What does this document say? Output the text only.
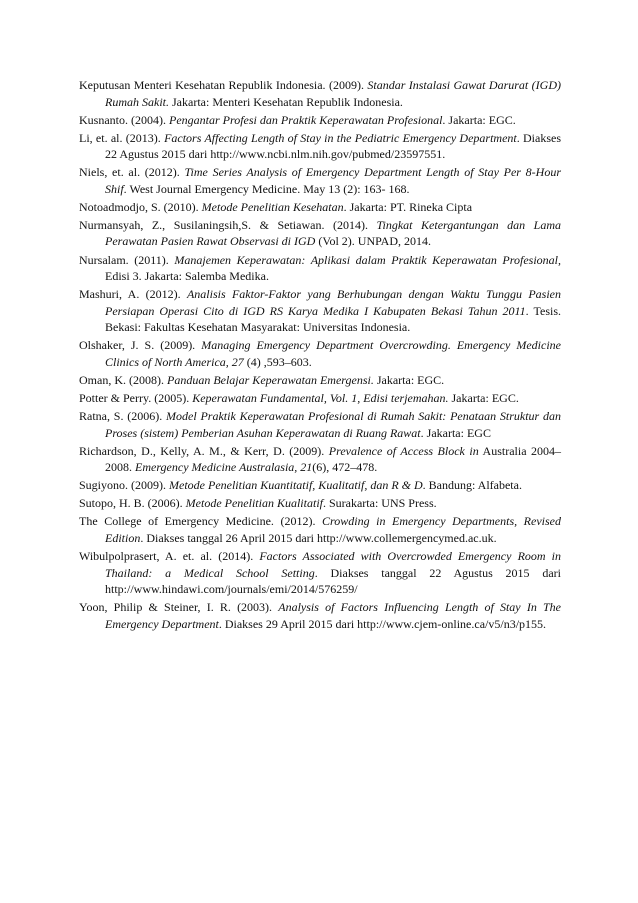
Keputusan Menteri Kesehatan Republik Indonesia. (2009). Standar Instalasi Gawat Darurat (IGD) Rumah Sakit. Jakarta: Menteri Kesehatan Republik Indonesia.

Kusnanto. (2004). Pengantar Profesi dan Praktik Keperawatan Profesional. Jakarta: EGC.

Li, et. al. (2013). Factors Affecting Length of Stay in the Pediatric Emergency Department. Diakses 22 Agustus 2015 dari http://www.ncbi.nlm.nih.gov/pubmed/23597551.

Niels, et. al. (2012). Time Series Analysis of Emergency Department Length of Stay Per 8-Hour Shif. West Journal Emergency Medicine. May 13 (2): 163- 168.

Notoadmodjo, S. (2010). Metode Penelitian Kesehatan. Jakarta: PT. Rineka Cipta

Nurmansyah, Z., Susilaningsih,S. & Setiawan. (2014). Tingkat Ketergantungan dan Lama Perawatan Pasien Rawat Observasi di IGD (Vol 2). UNPAD, 2014.

Nursalam. (2011). Manajemen Keperawatan: Aplikasi dalam Praktik Keperawatan Profesional, Edisi 3. Jakarta: Salemba Medika.

Mashuri, A. (2012). Analisis Faktor-Faktor yang Berhubungan dengan Waktu Tunggu Pasien Persiapan Operasi Cito di IGD RS Karya Medika I Kabupaten Bekasi Tahun 2011. Tesis. Bekasi: Fakultas Kesehatan Masyarakat: Universitas Indonesia.

Olshaker, J. S. (2009). Managing Emergency Department Overcrowding. Emergency Medicine Clinics of North America, 27 (4) ,593–603.

Oman, K. (2008). Panduan Belajar Keperawatan Emergensi. Jakarta: EGC.

Potter & Perry. (2005). Keperawatan Fundamental, Vol. 1, Edisi terjemahan. Jakarta: EGC.

Ratna, S. (2006). Model Praktik Keperawatan Profesional di Rumah Sakit: Penataan Struktur dan Proses (sistem) Pemberian Asuhan Keperawatan di Ruang Rawat. Jakarta: EGC

Richardson, D., Kelly, A. M., & Kerr, D. (2009). Prevalence of Access Block in Australia 2004–2008. Emergency Medicine Australasia, 21(6), 472–478.

Sugiyono. (2009). Metode Penelitian Kuantitatif, Kualitatif, dan R & D. Bandung: Alfabeta.

Sutopo, H. B. (2006). Metode Penelitian Kualitatif. Surakarta: UNS Press.

The College of Emergency Medicine. (2012). Crowding in Emergency Departments, Revised Edition. Diakses tanggal 26 April 2015 dari http://www.collemergencymed.ac.uk.

Wibulpolprasert, A. et. al. (2014). Factors Associated with Overcrowded Emergency Room in Thailand: a Medical School Setting. Diakses tanggal 22 Agustus 2015 dari http://www.hindawi.com/journals/emi/2014/576259/

Yoon, Philip & Steiner, I. R. (2003). Analysis of Factors Influencing Length of Stay In The Emergency Department. Diakses 29 April 2015 dari http://www.cjem-online.ca/v5/n3/p155.
